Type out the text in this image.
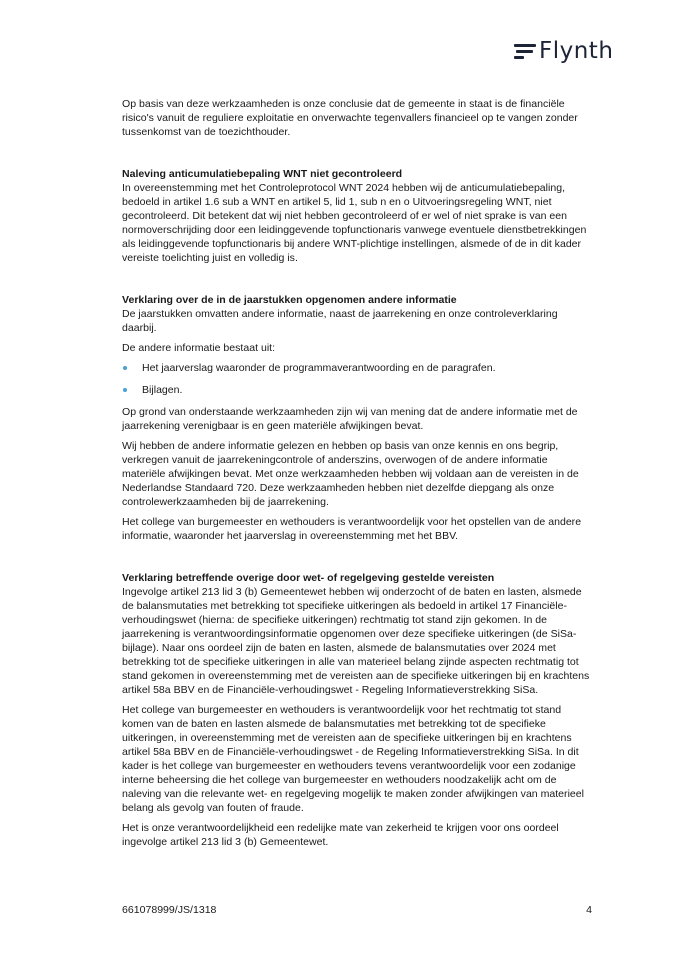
Flynth

Op basis van deze werkzaamheden is onze conclusie dat de gemeente in staat is de financiële risico's vanuit de reguliere exploitatie en onverwachte tegenvallers financieel op te vangen zonder tussenkomst van de toezichthouder.

Naleving anticumulatiebepaling WNT niet gecontroleerd

In overeenstemming met het Controleprotocol WNT 2024 hebben wij de anticumulatiebepaling, bedoeld in artikel 1.6 sub a WNT en artikel 5, lid 1, sub n en o Uitvoeringsregeling WNT, niet gecontroleerd. Dit betekent dat wij niet hebben gecontroleerd of er wel of niet sprake is van een normoverschrijding door een leidinggevende topfunctionaris vanwege eventuele dienstbetrekkingen als leidinggevende topfunctionaris bij andere WNT-plichtige instellingen, alsmede of de in dit kader vereiste toelichting juist en volledig is.

Verklaring over de in de jaarstukken opgenomen andere informatie

De jaarstukken omvatten andere informatie, naast de jaarrekening en onze controleverklaring daarbij.

De andere informatie bestaat uit:

Het jaarverslag waaronder de programmaverantwoording en de paragrafen.
Bijlagen.

Op grond van onderstaande werkzaamheden zijn wij van mening dat de andere informatie met de jaarrekening verenigbaar is en geen materiële afwijkingen bevat.

Wij hebben de andere informatie gelezen en hebben op basis van onze kennis en ons begrip, verkregen vanuit de jaarrekeningcontrole of anderszins, overwogen of de andere informatie materiële afwijkingen bevat. Met onze werkzaamheden hebben wij voldaan aan de vereisten in de Nederlandse Standaard 720. Deze werkzaamheden hebben niet dezelfde diepgang als onze controlewerkzaamheden bij de jaarrekening.

Het college van burgemeester en wethouders is verantwoordelijk voor het opstellen van de andere informatie, waaronder het jaarverslag in overeenstemming met het BBV.

Verklaring betreffende overige door wet- of regelgeving gestelde vereisten

Ingevolge artikel 213 lid 3 (b) Gemeentewet hebben wij onderzocht of de baten en lasten, alsmede de balansmutaties met betrekking tot specifieke uitkeringen als bedoeld in artikel 17 Financiële-verhoudingswet (hierna: de specifieke uitkeringen) rechtmatig tot stand zijn gekomen. In de jaarrekening is verantwoordingsinformatie opgenomen over deze specifieke uitkeringen (de SiSa-bijlage). Naar ons oordeel zijn de baten en lasten, alsmede de balansmutaties over 2024 met betrekking tot de specifieke uitkeringen in alle van materieel belang zijnde aspecten rechtmatig tot stand gekomen in overeenstemming met de vereisten aan de specifieke uitkeringen bij en krachtens artikel 58a BBV en de Financiële-verhoudingswet - Regeling Informatieverstrekking SiSa.

Het college van burgemeester en wethouders is verantwoordelijk voor het rechtmatig tot stand komen van de baten en lasten alsmede de balansmutaties met betrekking tot de specifieke uitkeringen, in overeenstemming met de vereisten aan de specifieke uitkeringen bij en krachtens artikel 58a BBV en de Financiële-verhoudingswet - de Regeling Informatieverstrekking SiSa. In dit kader is het college van burgemeester en wethouders tevens verantwoordelijk voor een zodanige interne beheersing die het college van burgemeester en wethouders noodzakelijk acht om de naleving van die relevante wet- en regelgeving mogelijk te maken zonder afwijkingen van materieel belang als gevolg van fouten of fraude.

Het is onze verantwoordelijkheid een redelijke mate van zekerheid te krijgen voor ons oordeel ingevolge artikel 213 lid 3 (b) Gemeentewet.

661078999/JS/1318	4
